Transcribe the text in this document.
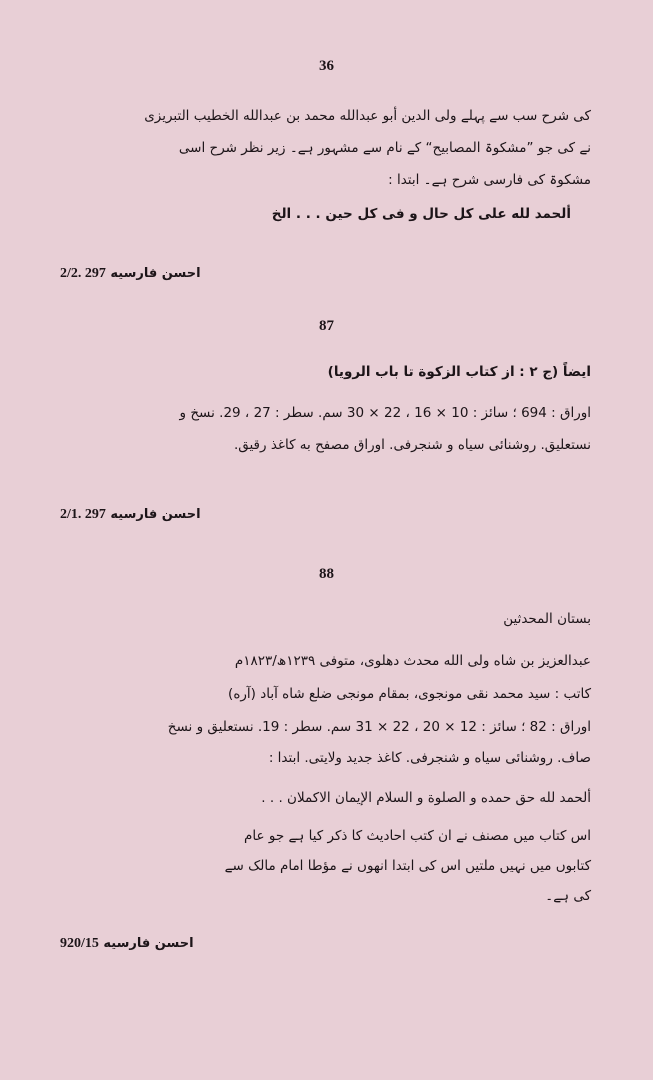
36
کی شرح سب سے پہلے ولی الدین أبو عبدالله محمد بن عبدالله الخطیب التبریزی
نے کی جو ”مشکوۃ المصابیح“ کے نام سے مشہور ہے۔ زیر نظر شرح اسی
مشکوۃ کی فارسی شرح ہے۔ ابتدا :
ألحمد لله علی کل حال و فی کل حین . . . الخ
احسن فارسیه 297 .2/2
87
ایضاً (ج ۲ : از کتاب الزکوة تا باب الرویا)
اوراق : 694 ؛ سائز : 10 × 16 ، 22 × 30 سم. سطر : 27 ، 29. نسخ و
نستعلیق. روشنائی سیاه و شنجرفی. اوراق مصفح به کاغذ رقیق.
احسن فارسیه 297 .2/1
88
بستان المحدثین
عبدالعزیز بن شاه ولی الله محدث دهلوی، متوفی ۱۲۳۹ھ/۱۸۲۳م
کاتب : سید محمد نقی مونجوی، بمقام مونجی ضلع شاه آباد (آره)
اوراق : 82 ؛ سائز : 12 × 20 ، 22 × 31 سم. سطر : 19. نستعلیق و نسخ
صاف. روشنائی سیاه و شنجرفی. کاغذ جدید ولایتی. ابتدا :
ألحمد لله حق حمده و الصلوة و السلام الإيمان الاكملان . . .
اس کتاب میں مصنف نے ان کتب احادیث کا ذکر کیا ہے جو عام
کتابوں میں نہیں ملتیں اس کی ابتدا انھوں نے مؤطا امام مالک سے
کی ہے۔
احسن فارسیه 920/15
